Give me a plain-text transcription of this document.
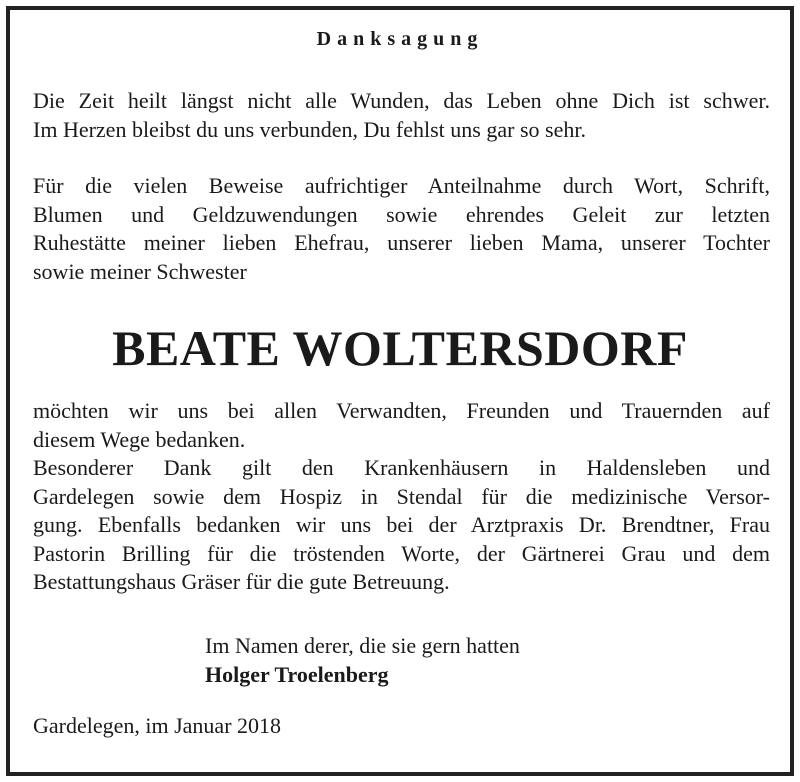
Danksagung
Die Zeit heilt längst nicht alle Wunden, das Leben ohne Dich ist schwer.
Im Herzen bleibst du uns verbunden, Du fehlst uns gar so sehr.
Für die vielen Beweise aufrichtiger Anteilnahme durch Wort, Schrift,
Blumen und Geldzuwendungen sowie ehrendes Geleit zur letzten
Ruhestätte meiner lieben Ehefrau, unserer lieben Mama, unserer Tochter
sowie meiner Schwester
BEATE WOLTERSDORF
möchten wir uns bei allen Verwandten, Freunden und Trauernden auf
diesem Wege bedanken.
Besonderer Dank gilt den Krankenhäusern in Haldensleben und
Gardelegen sowie dem Hospiz in Stendal für die medizinische Versor-
gung. Ebenfalls bedanken wir uns bei der Arztpraxis Dr. Brendtner, Frau
Pastorin Brilling für die tröstenden Worte, der Gärtnerei Grau und dem
Bestattungshaus Gräser für die gute Betreuung.
Im Namen derer, die sie gern hatten
Holger Troelenberg
Gardelegen, im Januar 2018
